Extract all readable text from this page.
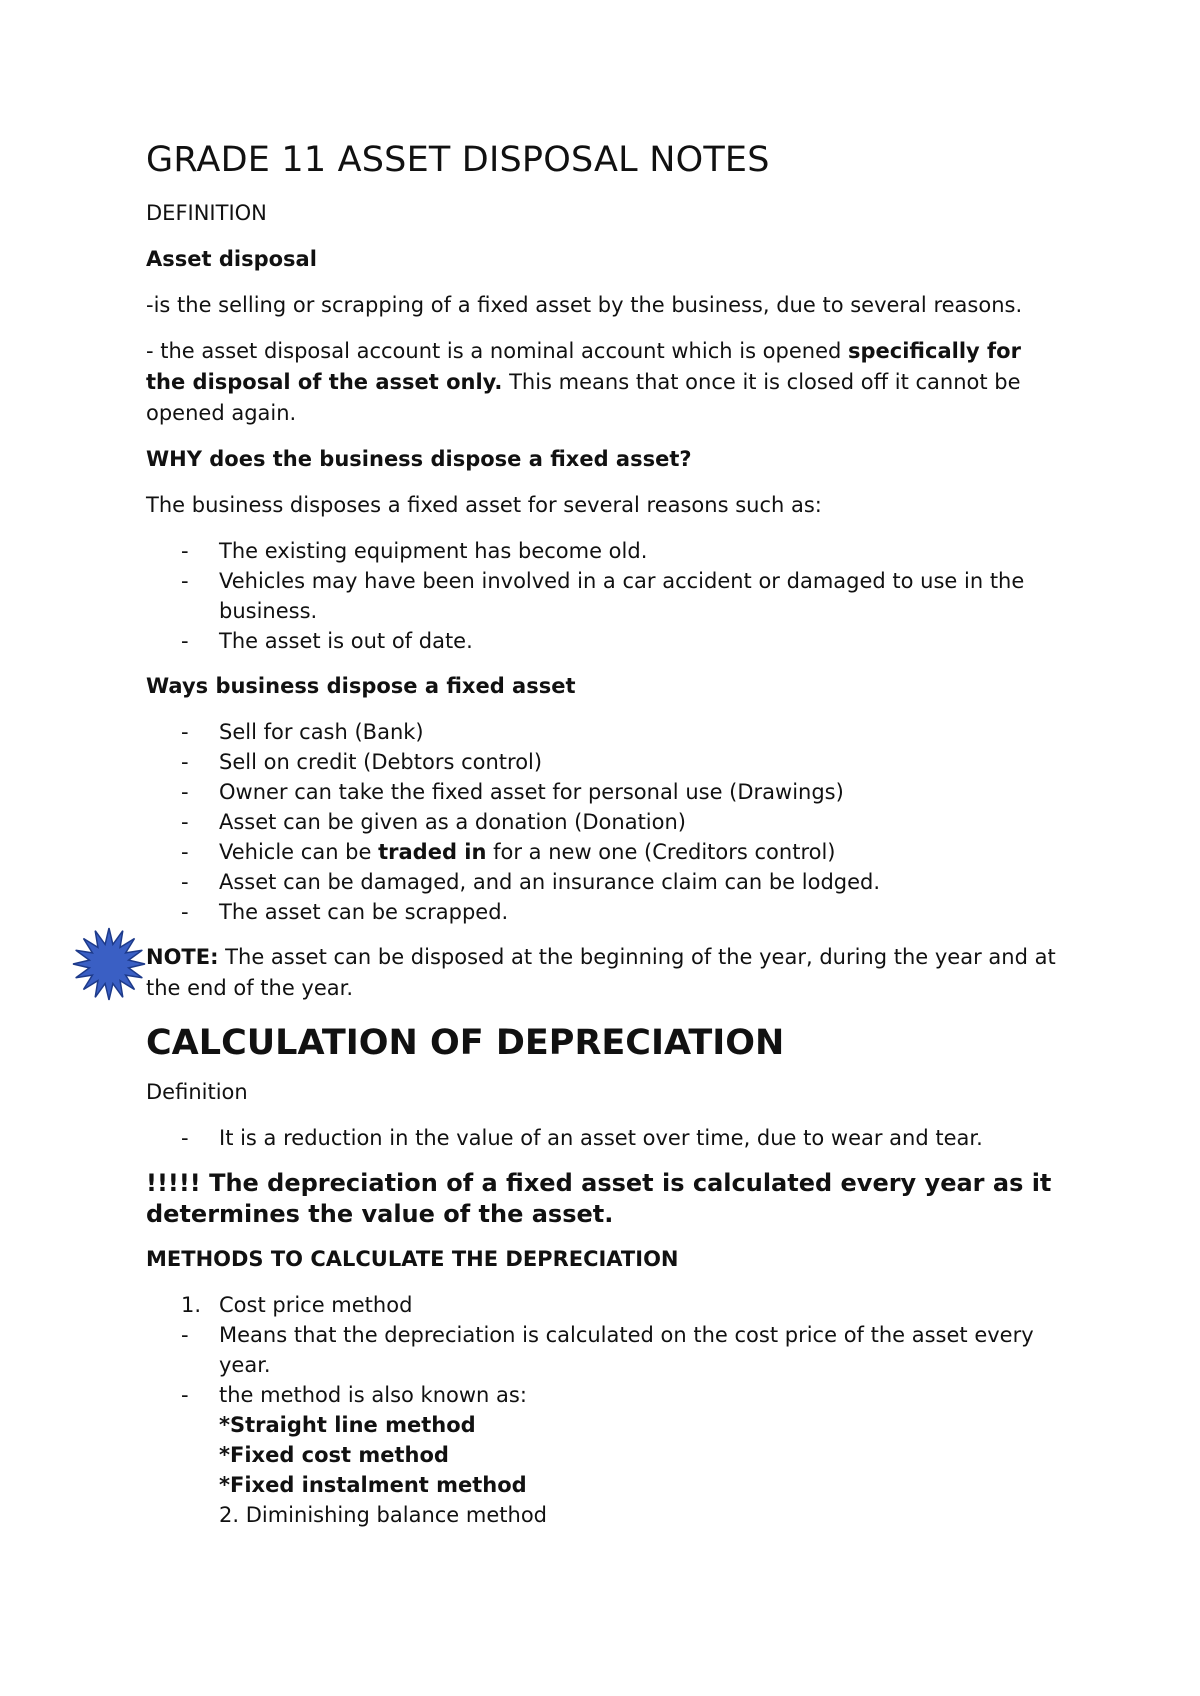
GRADE 11 ASSET DISPOSAL NOTES

DEFINITION

Asset disposal

-is the selling or scrapping of a fixed asset by the business, due to several reasons.

- the asset disposal account is a nominal account which is opened specifically for the disposal of the asset only. This means that once it is closed off it cannot be opened again.

WHY does the business dispose a fixed asset?

The business disposes a fixed asset for several reasons such as:

- The existing equipment has become old.
- Vehicles may have been involved in a car accident or damaged to use in the business.
- The asset is out of date.

Ways business dispose a fixed asset

- Sell for cash (Bank)
- Sell on credit (Debtors control)
- Owner can take the fixed asset for personal use (Drawings)
- Asset can be given as a donation (Donation)
- Vehicle can be traded in for a new one (Creditors control)
- Asset can be damaged, and an insurance claim can be lodged.
- The asset can be scrapped.

NOTE: The asset can be disposed at the beginning of the year, during the year and at the end of the year.

CALCULATION OF DEPRECIATION

Definition

- It is a reduction in the value of an asset over time, due to wear and tear.

!!!!! The depreciation of a fixed asset is calculated every year as it determines the value of the asset.

METHODS TO CALCULATE THE DEPRECIATION

1. Cost price method
- Means that the depreciation is calculated on the cost price of the asset every year.
- the method is also known as:

*Straight line method

*Fixed cost method

*Fixed instalment method

2. Diminishing balance method
